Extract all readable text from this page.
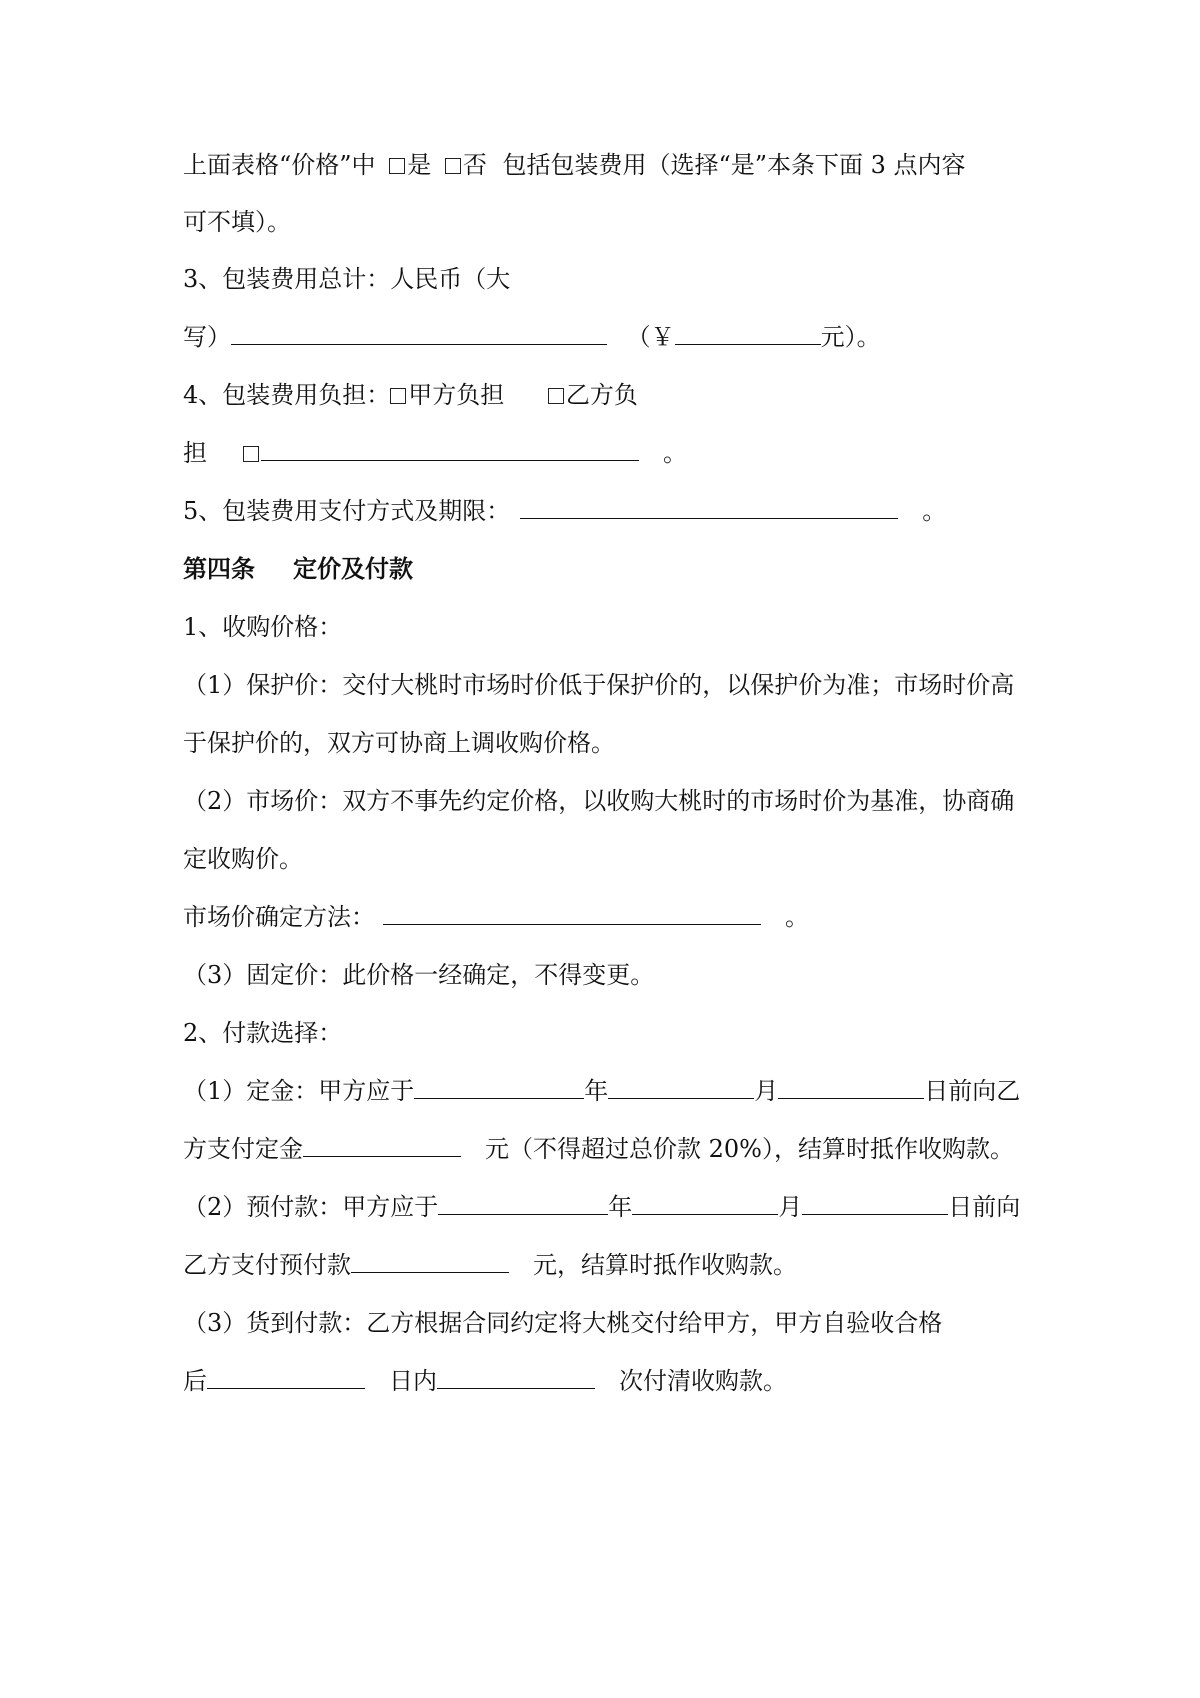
上面表格“价格”中 是 否 包括包装费用（选择“是”本条下面 3 点内容
可不填）。
3、包装费用总计：人民币（大
写）	（￥	元）。
4、包装费用负担： 甲方负担	乙方负
担	。
5、包装费用支付方式及期限：	。
第四条 定价及付款
1、收购价格：
（1）保护价：交付大桃时市场时价低于保护价的，以保护价为准；市场时价高
于保护价的，双方可协商上调收购价格。
（2）市场价：双方不事先约定价格，以收购大桃时的市场时价为基准，协商确
定收购价。
市场价确定方法：	。
（3）固定价：此价格一经确定，不得变更。
2、付款选择：
（1）定金：甲方应于	年	月	日前向乙
方支付定金	元（不得超过总价款 20%），结算时抵作收购款。
（2）预付款：甲方应于	年	月	日前向
乙方支付预付款	元，结算时抵作收购款。
（3）货到付款：乙方根据合同约定将大桃交付给甲方，甲方自验收合格
后	日内	次付清收购款。
